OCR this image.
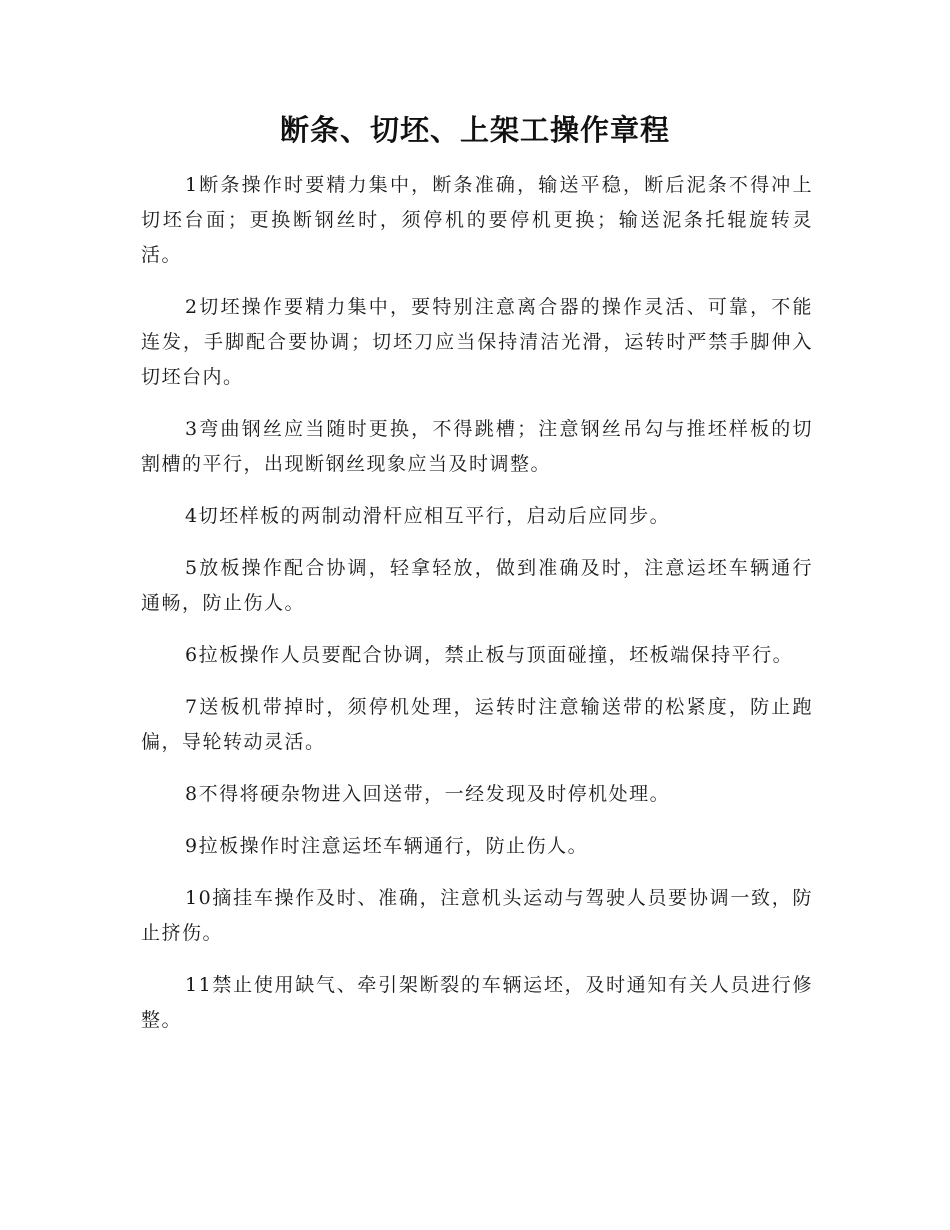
断条、切坯、上架工操作章程

1断条操作时要精力集中，断条准确，输送平稳，断后泥条不得冲上切坯台面；更换断钢丝时，须停机的要停机更换；输送泥条托辊旋转灵活。

2切坯操作要精力集中，要特别注意离合器的操作灵活、可靠，不能连发，手脚配合要协调；切坯刀应当保持清洁光滑，运转时严禁手脚伸入切坯台内。

3弯曲钢丝应当随时更换，不得跳槽；注意钢丝吊勾与推坯样板的切割槽的平行，出现断钢丝现象应当及时调整。

4切坯样板的两制动滑杆应相互平行，启动后应同步。

5放板操作配合协调，轻拿轻放，做到准确及时，注意运坯车辆通行通畅，防止伤人。

6拉板操作人员要配合协调，禁止板与顶面碰撞，坯板端保持平行。

7送板机带掉时，须停机处理，运转时注意输送带的松紧度，防止跑偏，导轮转动灵活。

8不得将硬杂物进入回送带，一经发现及时停机处理。

9拉板操作时注意运坯车辆通行，防止伤人。

10摘挂车操作及时、准确，注意机头运动与驾驶人员要协调一致，防止挤伤。

11禁止使用缺气、牵引架断裂的车辆运坯，及时通知有关人员进行修整。
